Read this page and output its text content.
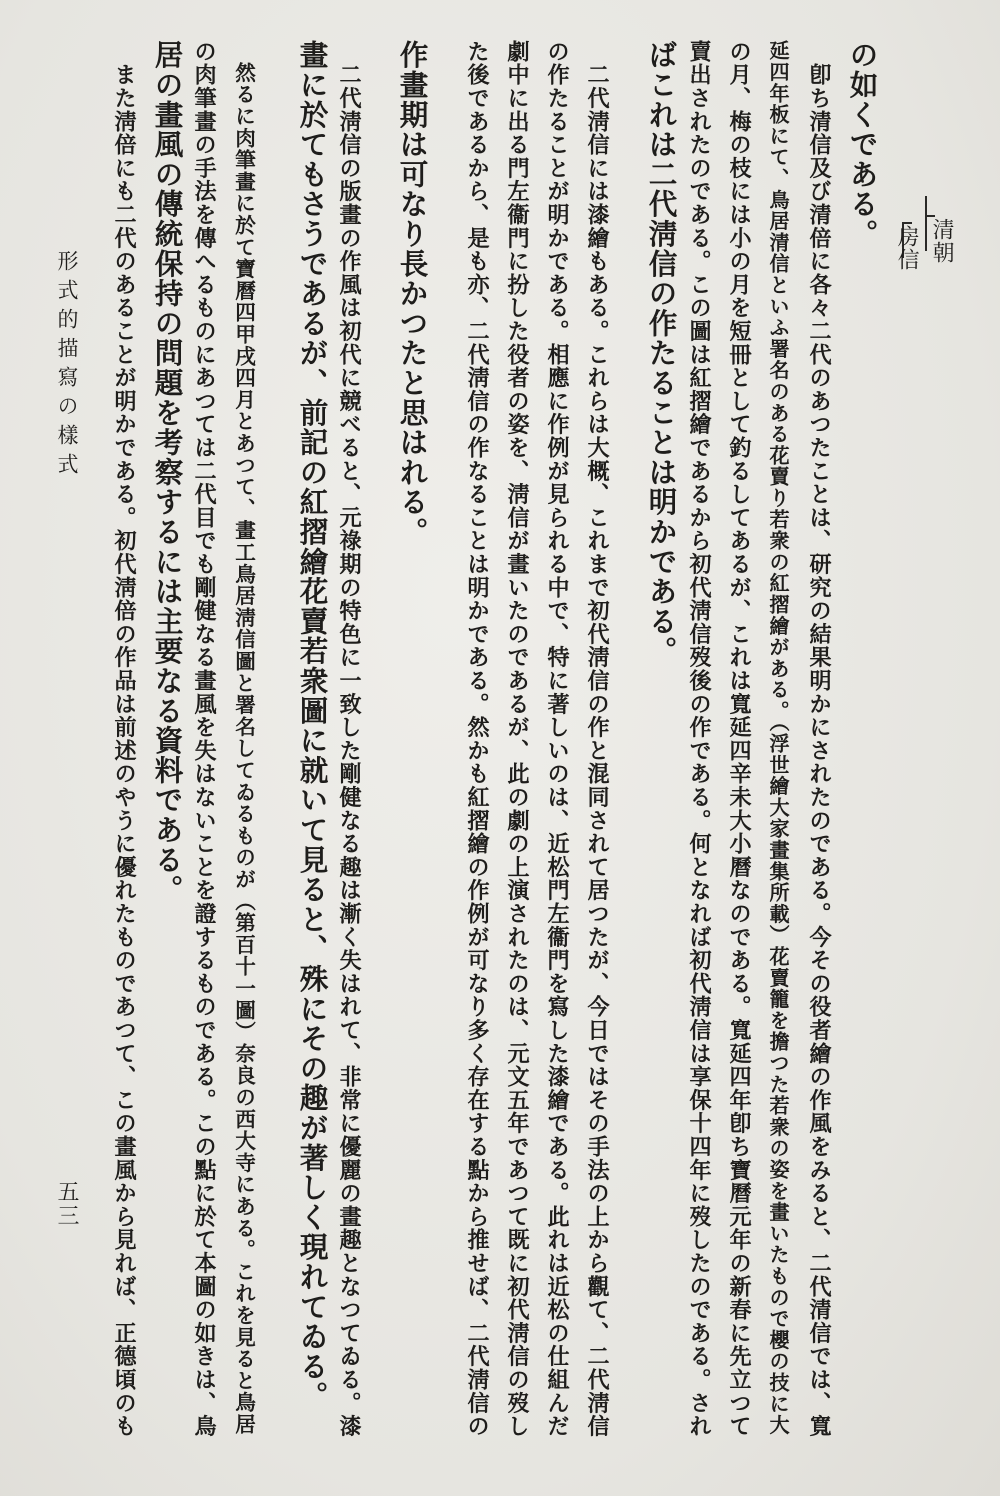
清朝
房信
の如くである。
　卽ち清信及び清倍に各々二代のあつたことは、研究の結果明かにされたのである。今その役者繪の作風をみると、二代清信では、寬
延四年板にて、鳥居清信といふ署名のある花賣り若衆の紅摺繪がある。（浮世繪大家畫集所載）花賣籠を擔つた若衆の姿を畫いたもので櫻の技に大
の月、梅の枝には小の月を短冊として釣るしてあるが、これは寬延四辛未大小曆なのである。寬延四年卽ち寶曆元年の新春に先立つて
賣出されたのである。この圖は紅摺繪であるから初代淸信歿後の作である。何となれば初代淸信は享保十四年に歿したのである。され
ばこれは二代淸信の作たることは明かである。
　二代淸信には漆繪もある。これらは大概、これまで初代淸信の作と混同されて居つたが、今日ではその手法の上から觀て、二代淸信
の作たることが明かである。相應に作例が見られる中で、特に著しいのは、近松門左衞門を寫した漆繪である。此れは近松の仕組んだ
劇中に出る門左衞門に扮した役者の姿を、淸信が畫いたのであるが、此の劇の上演されたのは、元文五年であつて既に初代淸信の歿し
た後であるから、是も亦、二代淸信の作なることは明かである。然かも紅摺繪の作例が可なり多く存在する點から推せば、二代淸信の
作畫期は可なり長かつたと思はれる。
　二代淸信の版畫の作風は初代に競べると、元祿期の特色に一致した剛健なる趣は漸く失はれて、非常に優麗の畫趣となつてゐる。漆
畫に於てもさうであるが、前記の紅摺繪花賣若衆圖に就いて見ると、殊にその趣が著しく現れてゐる。
　然るに肉筆畫に於て寶曆四甲戌四月とあつて、畫工鳥居淸信圖と署名してゐるものが（第百十一圖）奈良の西大寺にある。これを見ると鳥居
の肉筆畫の手法を傳へるものにあつては二代目でも剛健なる畫風を失はないことを證するものである。この點に於て本圖の如きは、鳥
居の畫風の傳統保持の問題を考察するには主要なる資料である。
　また淸倍にも二代のあることが明かである。初代淸倍の作品は前述のやうに優れたものであつて、この畫風から見れば、正德頃のも
形式的描寫の樣式
五三
